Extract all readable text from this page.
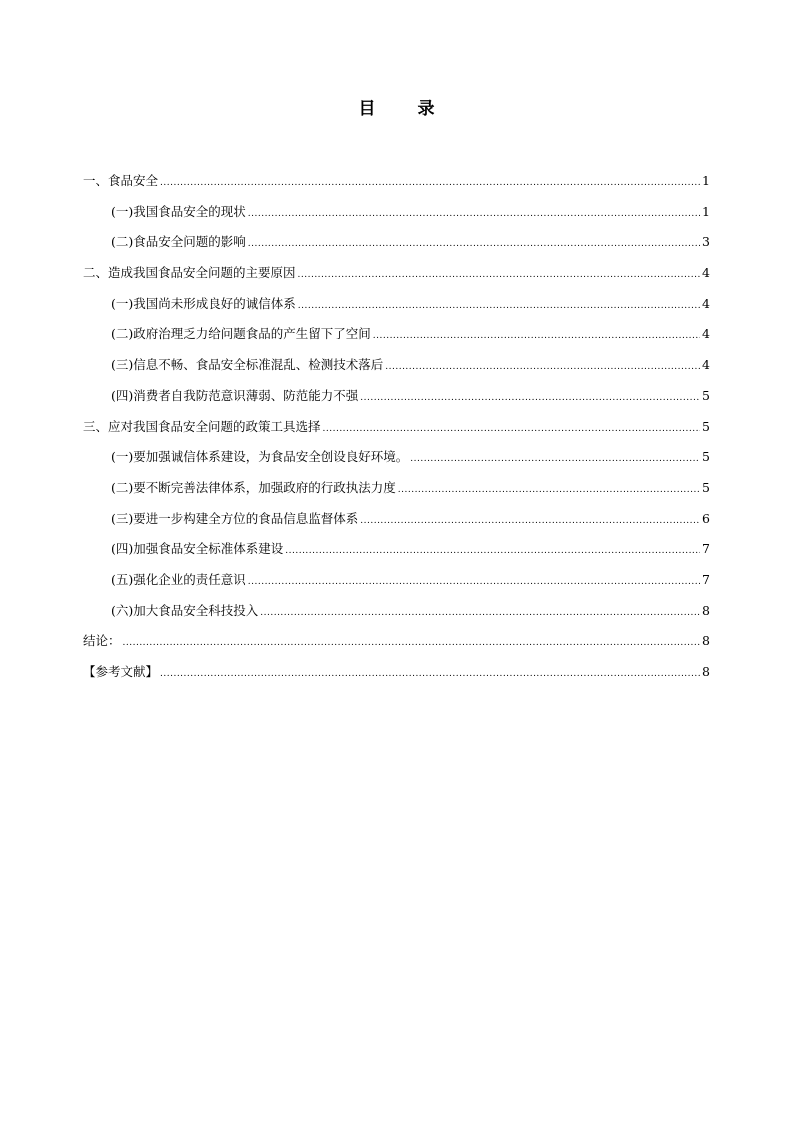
目 录
一、食品安全 .....	1
(一)我国食品安全的现状 .....	1
(二)食品安全问题的影响 .....	3
二、造成我国食品安全问题的主要原因 .....	4
(一)我国尚未形成良好的诚信体系 .....	4
(二)政府治理乏力给问题食品的产生留下了空间 .....	4
(三)信息不畅、食品安全标准混乱、检测技术落后 .....	4
(四)消费者自我防范意识薄弱、防范能力不强 .....	5
三、应对我国食品安全问题的政策工具选择 .....	5
(一)要加强诚信体系建设，为食品安全创设良好环境。 .....	5
(二)要不断完善法律体系，加强政府的行政执法力度 .....	5
(三)要进一步构建全方位的食品信息监督体系 .....	6
(四)加强食品安全标准体系建设 .....	7
(五)强化企业的责任意识 .....	7
(六)加大食品安全科技投入 .....	8
结论： .....	8
【参考文献】 .....	8
